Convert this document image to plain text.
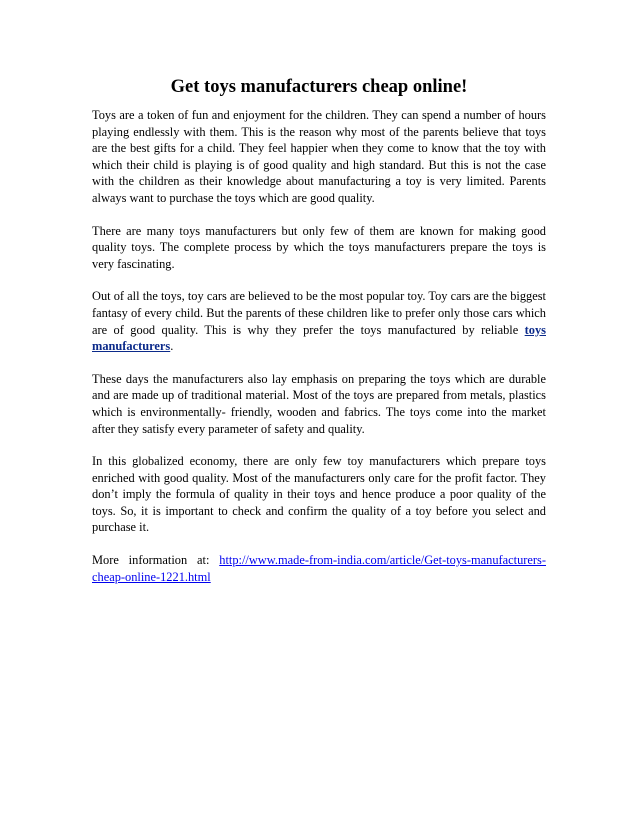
Get toys manufacturers cheap online!

Toys are a token of fun and enjoyment for the children. They can spend a number of hours playing endlessly with them. This is the reason why most of the parents believe that toys are the best gifts for a child. They feel happier when they come to know that the toy with which their child is playing is of good quality and high standard. But this is not the case with the children as their knowledge about manufacturing a toy is very limited. Parents always want to purchase the toys which are good quality.

There are many toys manufacturers but only few of them are known for making good quality toys. The complete process by which the toys manufacturers prepare the toys is very fascinating.

Out of all the toys, toy cars are believed to be the most popular toy. Toy cars are the biggest fantasy of every child. But the parents of these children like to prefer only those cars which are of good quality. This is why they prefer the toys manufactured by reliable toys manufacturers.

These days the manufacturers also lay emphasis on preparing the toys which are durable and are made up of traditional material. Most of the toys are prepared from metals, plastics which is environmentally- friendly, wooden and fabrics. The toys come into the market after they satisfy every parameter of safety and quality.

In this globalized economy, there are only few toy manufacturers which prepare toys enriched with good quality. Most of the manufacturers only care for the profit factor. They don’t imply the formula of quality in their toys and hence produce a poor quality of the toys. So, it is important to check and confirm the quality of a toy before you select and purchase it.

More   information   at:   http://www.made-from-india.com/article/Get-toys-manufacturers-cheap-online-1221.html
